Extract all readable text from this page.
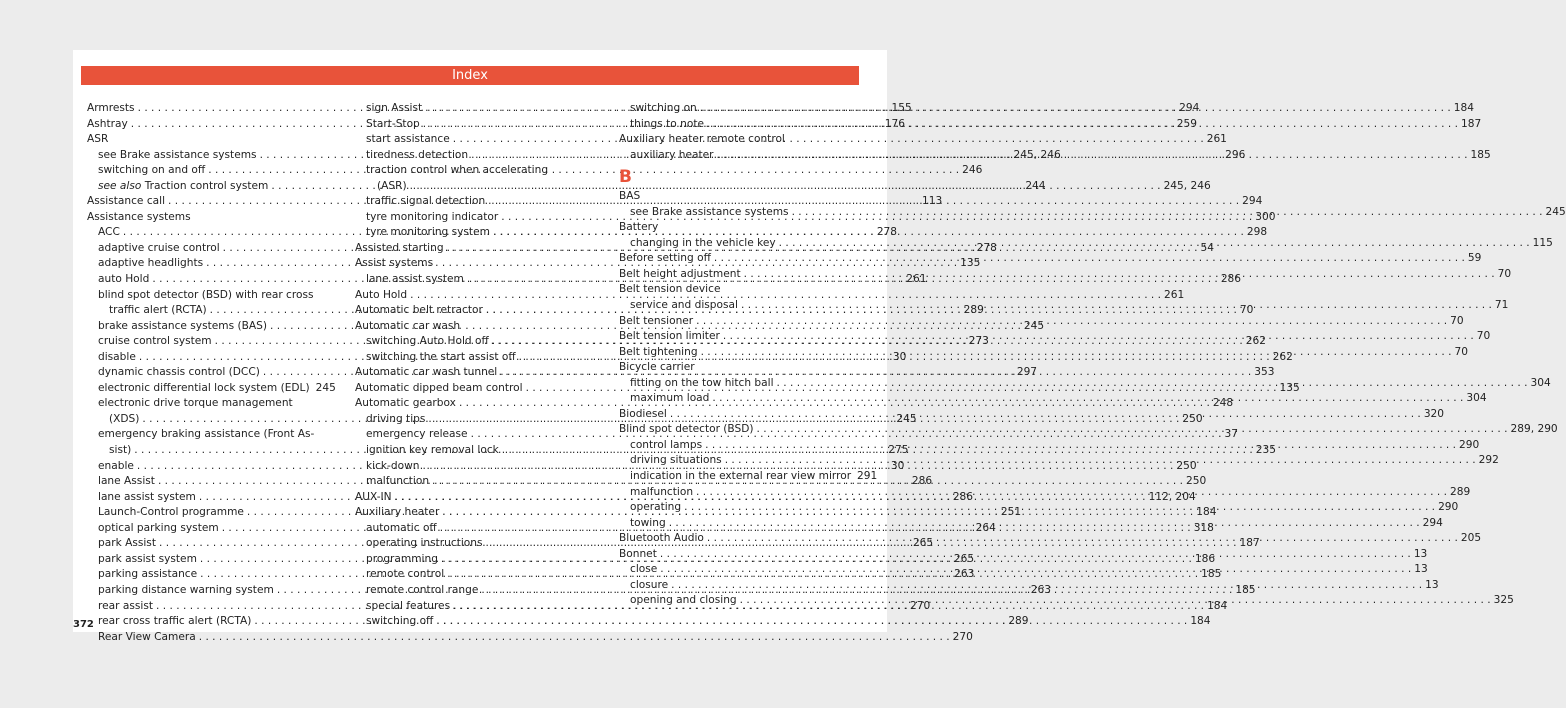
Index
Armrests . . .	155
Ashtray . . .	176
ASR
see Brake assistance systems . . .	245, 246
switching on and off . . .	246
see also Traction control system . . .	244
Assistance call . . .	113
Assistance systems
ACC . . .	278
adaptive cruise control . . .	278
adaptive headlights . . .	135
auto Hold . . .	261
blind spot detector (BSD) with rear cross
traffic alert (RCTA) . . .	289
brake assistance systems (BAS) . . .	245
cruise control system . . .	273
disable . . .	30
dynamic chassis control (DCC) . . .	297
electronic differential lock system (EDL) 245
electronic drive torque management
(XDS) . . .	245
emergency braking assistance (Front As-
sist) . . .	275
enable . . .	30
lane Assist . . .	286
lane assist system . . .	286
Launch-Control programme . . .	251
optical parking system . . .	264
park Assist . . .	265
park assist system . . .	265
parking assistance . . .	263
parking distance warning system . . .	263
rear assist . . .	270
rear cross traffic alert (RCTA) . . .	289
Rear View Camera . . .	270
sign Assist . . .	294
Start-Stop . . .	259
start assistance . . .	261
tiredness detection . . .	296
traction control when accelerating
(ASR) . . .	245, 246
traffic signal detection . . .	294
tyre monitoring indicator . . .	300
tyre monitoring system . . .	298
Assisted starting . . .	54
Assist systems
lane assist system . . .	286
Auto Hold . . .	261
Automatic belt retractor . . .	70
Automatic car wash
switching Auto Hold off . . .	262
switching the start assist off . . .	262
Automatic car wash tunnel . . .	353
Automatic dipped beam control . . .	135
Automatic gearbox . . .	248
driving tips . . .	250
emergency release . . .	37
ignition key removal lock . . .	235
kick-down . . .	250
malfunction . . .	250
AUX-IN . . .	112, 204
Auxiliary heater . . .	184
automatic off . . .	318
operating instructions . . .	187
programming . . .	186
remote control . . .	185
remote control range . . .	185
special features . . .	184
switching off . . .	184
switching on . . .	184
things to note . . .	187
Auxiliary heater remote control
auxiliary heater . . .	185
B
BAS
see Brake assistance systems . . .	245
Battery
changing in the vehicle key . . .	115
Before setting off . . .	59
Belt height adjustment . . .	70
Belt tension device
service and disposal . . .	71
Belt tensioner . . .	70
Belt tension limiter . . .	70
Belt tightening . . .	70
Bicycle carrier
fitting on the tow hitch ball . . .	304
maximum load . . .	304
Biodiesel . . .	320
Blind spot detector (BSD) . . .	289, 290
control lamps . . .	290
driving situations . . .	292
indication in the external rear view mirror 291
malfunction . . .	289
operating . . .	290
towing . . .	294
Bluetooth Audio . . .	205
Bonnet . . .	13
close . . .	13
closure . . .	13
opening and closing . . .	325
372
